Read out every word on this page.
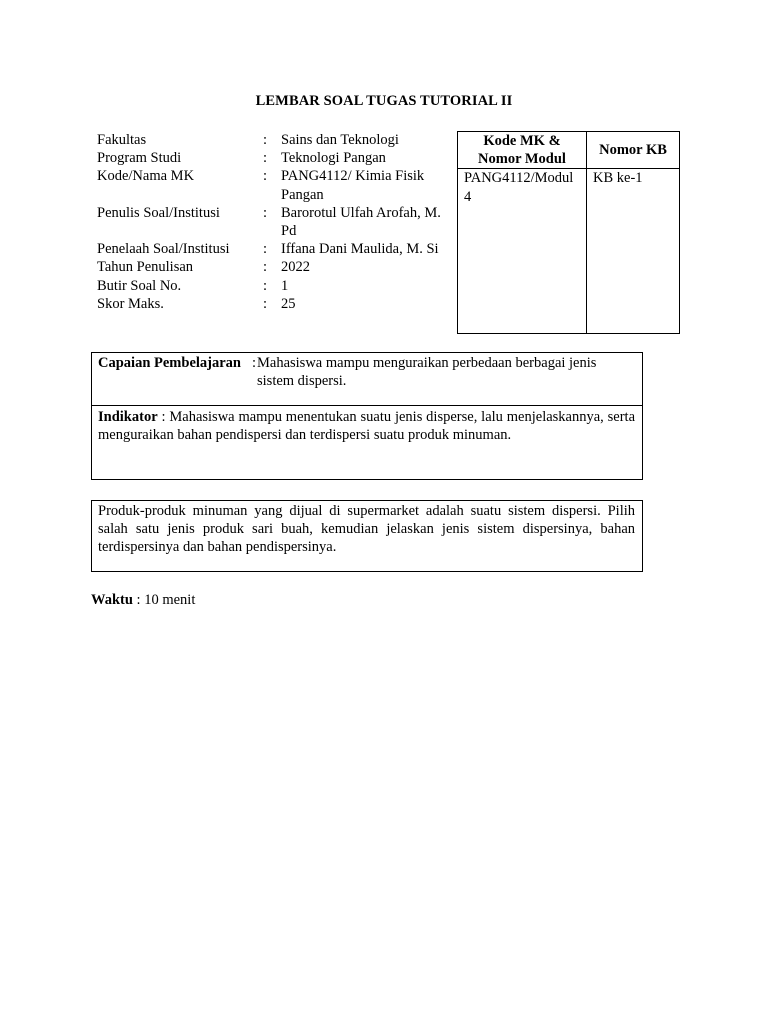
LEMBAR SOAL TUGAS TUTORIAL II
Fakultas	: Sains dan Teknologi
Program Studi	: Teknologi Pangan
Kode/Nama MK	: PANG4112/ Kimia Fisik Pangan
Penulis Soal/Institusi	: Barorotul Ulfah Arofah, M. Pd
Penelaah Soal/Institusi : Iffana Dani Maulida, M. Si
Tahun Penulisan	: 2022
Butir Soal No.	: 1
Skor Maks.	: 25
Kode MK & Nomor Modul	Nomor KB
PANG4112/Modul 4	KB ke-1
Capaian Pembelajaran : Mahasiswa mampu menguraikan perbedaan berbagai jenis sistem dispersi.
Indikator : Mahasiswa mampu menentukan suatu jenis disperse, lalu menjelaskannya, serta menguraikan bahan pendispersi dan terdispersi suatu produk minuman.
Produk-produk minuman yang dijual di supermarket adalah suatu sistem dispersi. Pilih salah satu jenis produk sari buah, kemudian jelaskan jenis sistem dispersinya, bahan terdispersinya dan bahan pendispersinya.
Waktu : 10 menit
